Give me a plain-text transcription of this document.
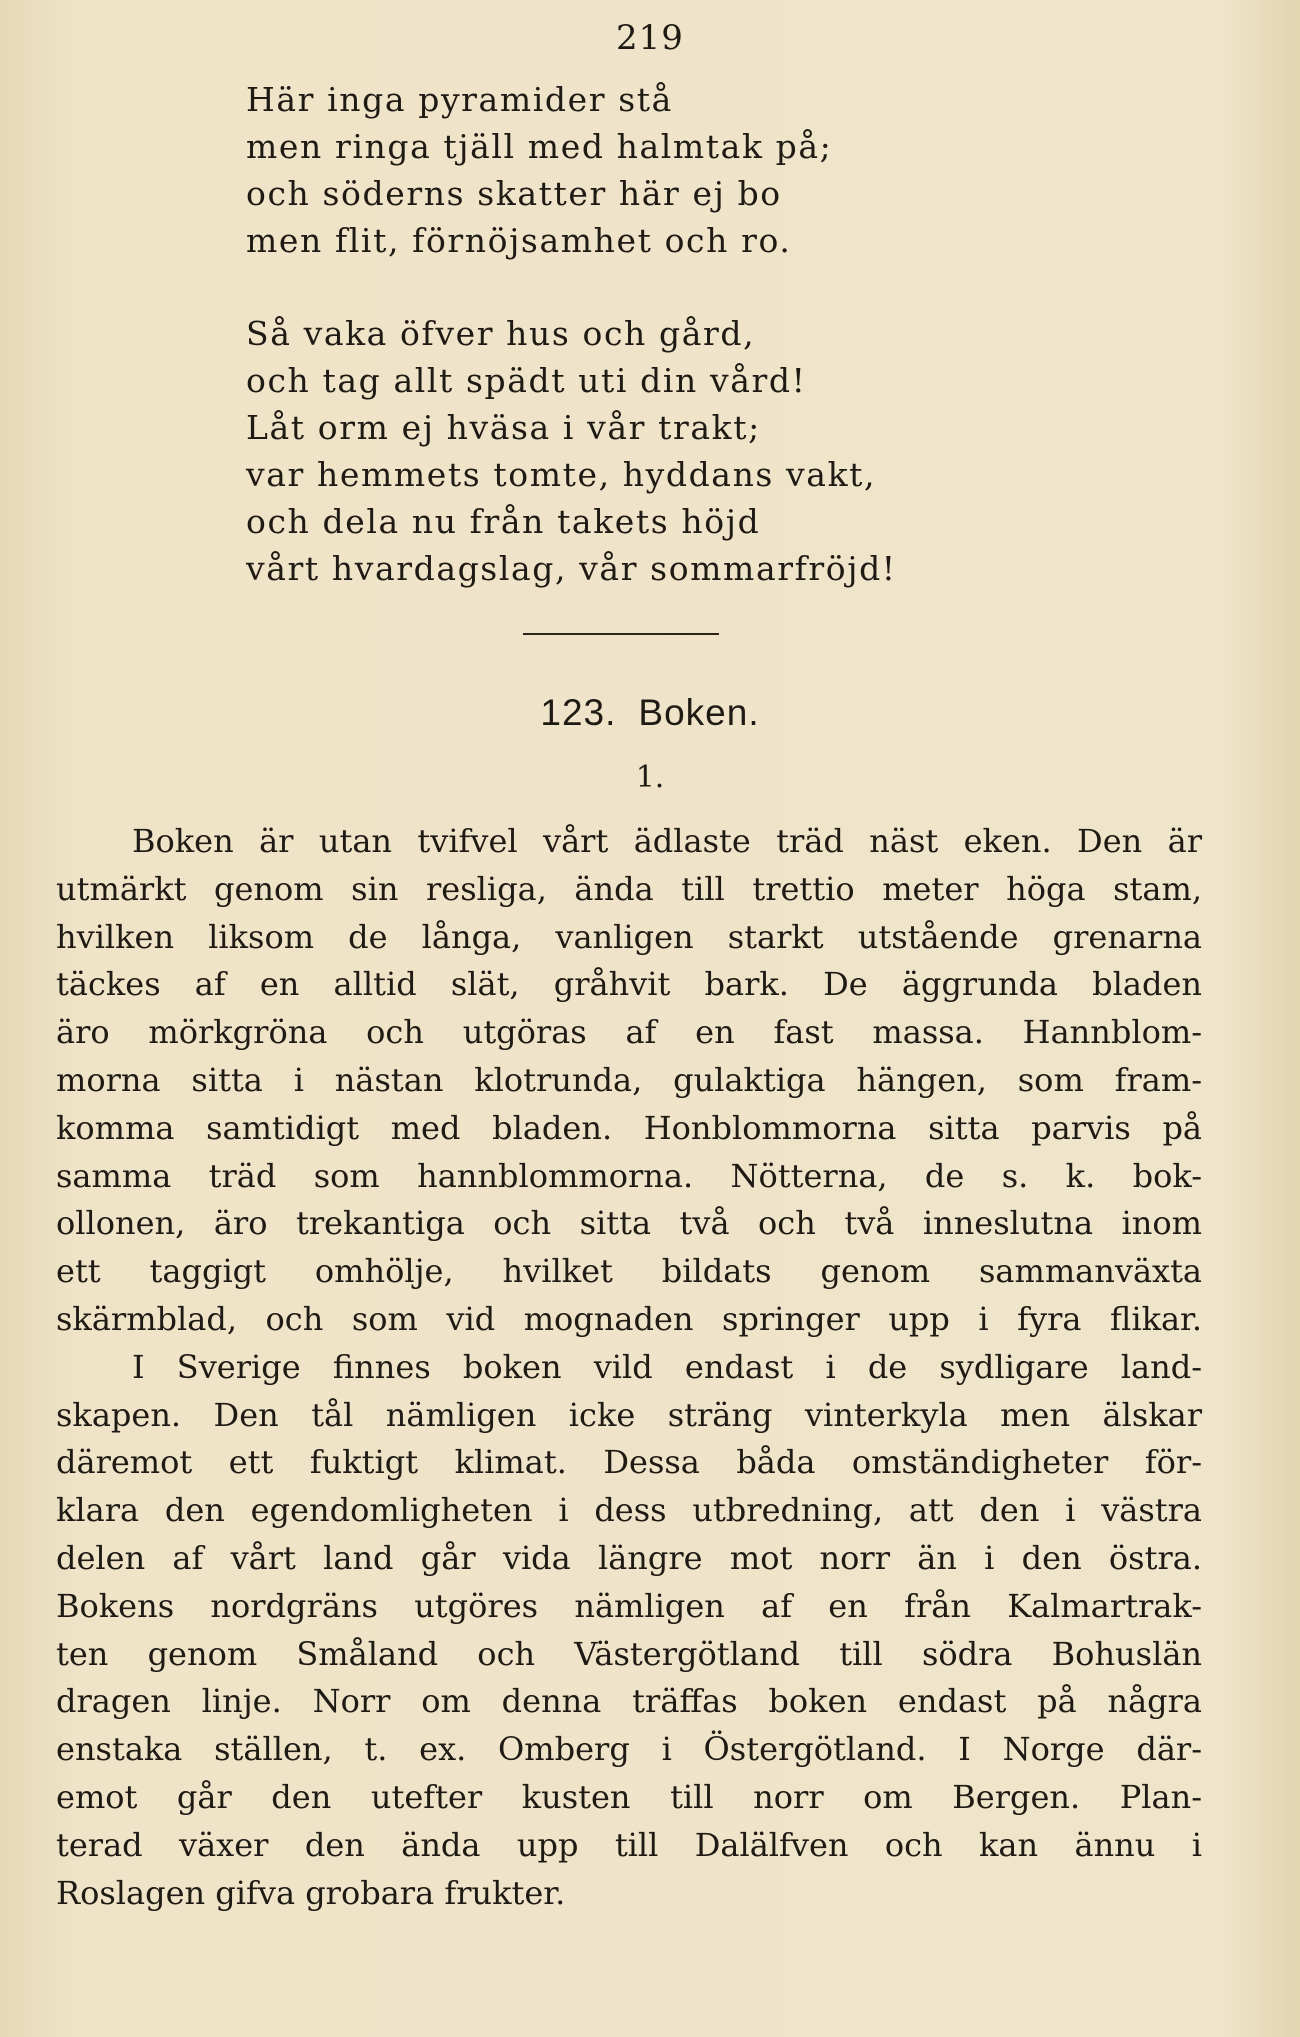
219
Här inga pyramider stå
men ringa tjäll med halmtak på;
och söderns skatter här ej bo
men flit, förnöjsamhet och ro.
Så vaka öfver hus och gård,
och tag allt spädt uti din vård!
Låt orm ej hväsa i vår trakt;
var hemmets tomte, hyddans vakt,
och dela nu från takets höjd
vårt hvardagslag, vår sommarfröjd!
123. Boken.
1.
Boken är utan tvifvel vårt ädlaste träd näst eken. Den är
utmärkt genom sin resliga, ända till trettio meter höga stam,
hvilken liksom de långa, vanligen starkt utstående grenarna
täckes af en alltid slät, gråhvit bark. De äggrunda bladen
äro mörkgröna och utgöras af en fast massa. Hannblom-
morna sitta i nästan klotrunda, gulaktiga hängen, som fram-
komma samtidigt med bladen. Honblommorna sitta parvis på
samma träd som hannblommorna. Nötterna, de s. k. bok-
ollonen, äro trekantiga och sitta två och två inneslutna inom
ett taggigt omhölje, hvilket bildats genom sammanväxta
skärmblad, och som vid mognaden springer upp i fyra flikar.
I Sverige finnes boken vild endast i de sydligare land-
skapen. Den tål nämligen icke sträng vinterkyla men älskar
däremot ett fuktigt klimat. Dessa båda omständigheter för-
klara den egendomligheten i dess utbredning, att den i västra
delen af vårt land går vida längre mot norr än i den östra.
Bokens nordgräns utgöres nämligen af en från Kalmartrak-
ten genom Småland och Västergötland till södra Bohuslän
dragen linje. Norr om denna träffas boken endast på några
enstaka ställen, t. ex. Omberg i Östergötland. I Norge där-
emot går den utefter kusten till norr om Bergen. Plan-
terad växer den ända upp till Dalälfven och kan ännu i
Roslagen gifva grobara frukter.
